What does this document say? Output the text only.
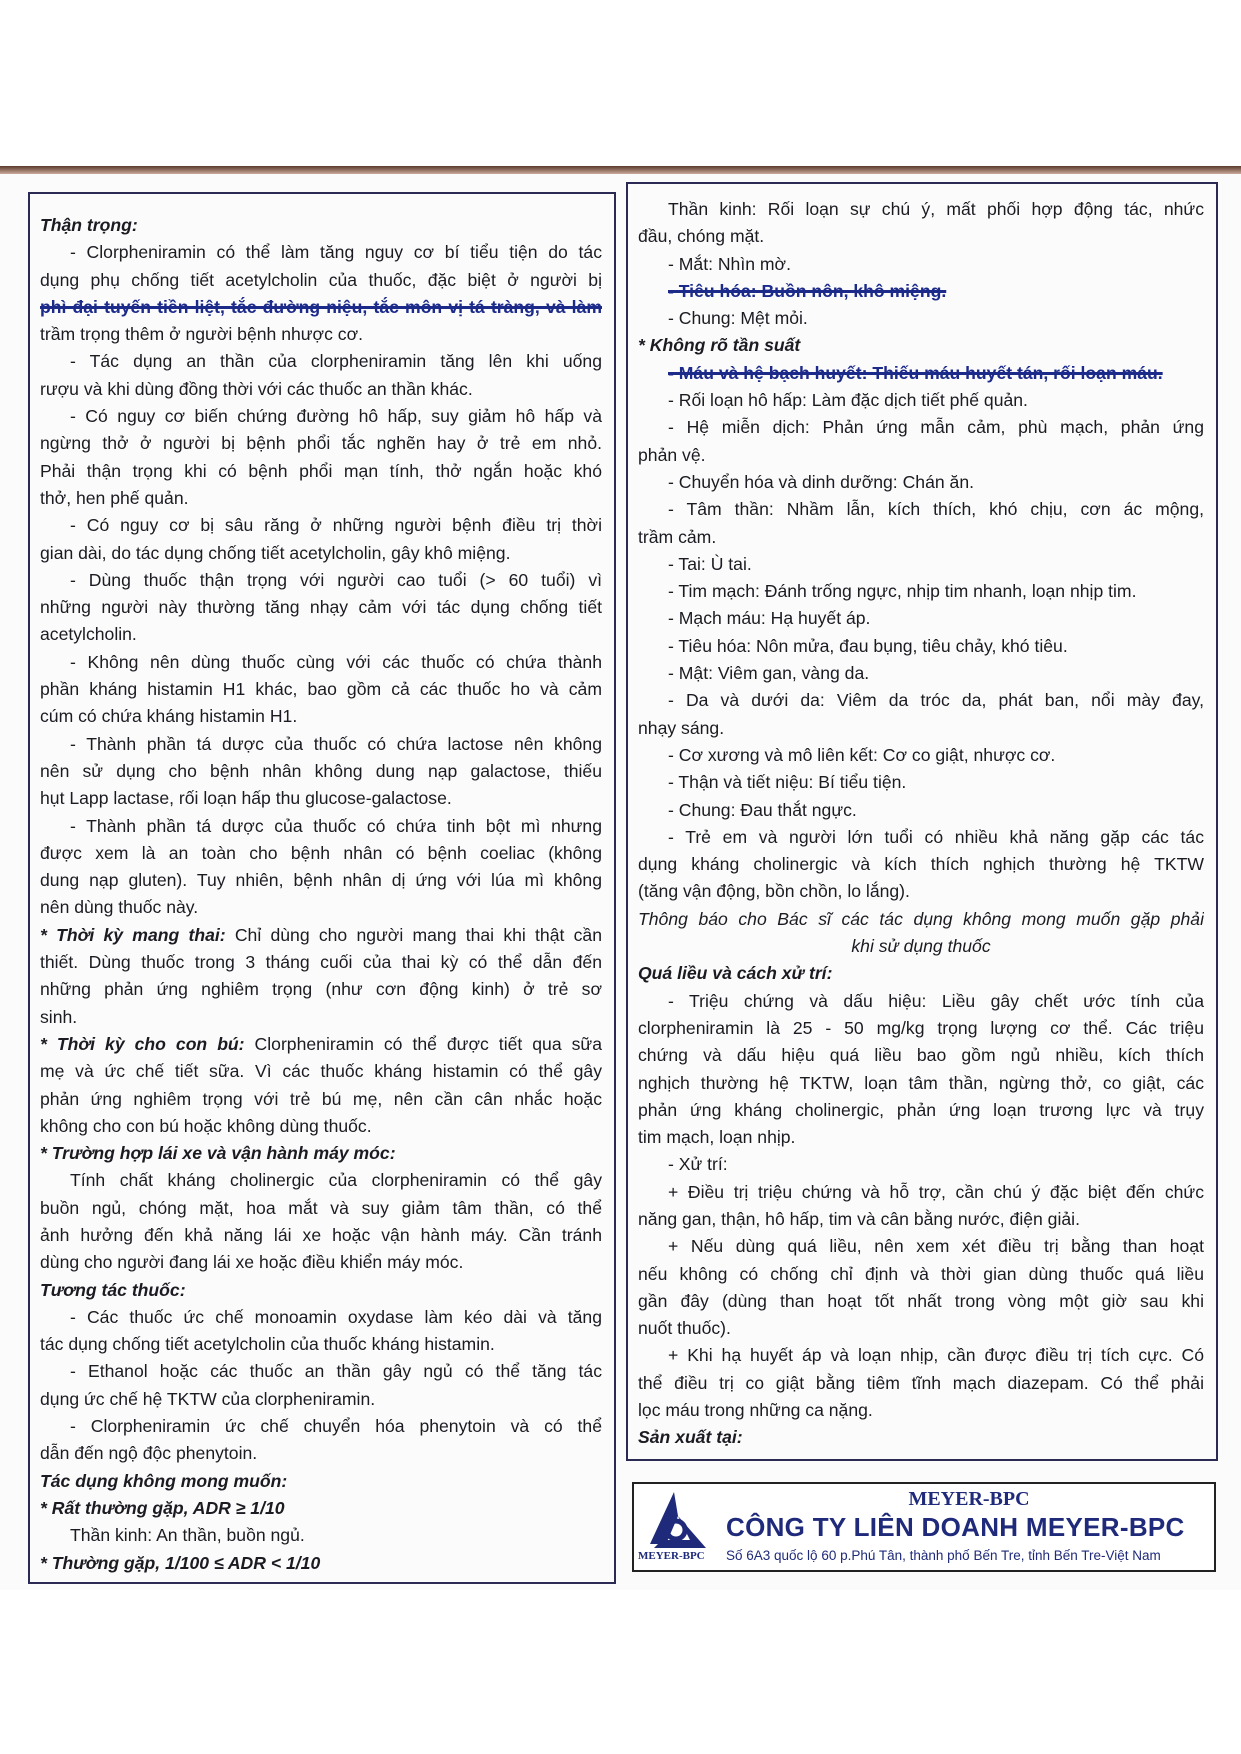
Thận trọng:
- Clorpheniramin có thể làm tăng nguy cơ bí tiểu tiện do tác
dụng phụ chống tiết acetylcholin của thuốc, đặc biệt ở người bị
phì đại tuyến tiền liệt, tắc đường niệu, tắc môn vị tá tràng, và làm
trầm trọng thêm ở người bệnh nhược cơ.
- Tác dụng an thần của clorpheniramin tăng lên khi uống
rượu và khi dùng đồng thời với các thuốc an thần khác.
- Có nguy cơ biến chứng đường hô hấp, suy giảm hô hấp và
ngừng thở ở người bị bệnh phổi tắc nghẽn hay ở trẻ em nhỏ.
Phải thận trọng khi có bệnh phổi mạn tính, thở ngắn hoặc khó
thở, hen phế quản.
- Có nguy cơ bị sâu răng ở những người bệnh điều trị thời
gian dài, do tác dụng chống tiết acetylcholin, gây khô miệng.
- Dùng thuốc thận trọng với người cao tuổi (> 60 tuổi) vì
những người này thường tăng nhạy cảm với tác dụng chống tiết
acetylcholin.
- Không nên dùng thuốc cùng với các thuốc có chứa thành
phần kháng histamin H1 khác, bao gồm cả các thuốc ho và cảm
cúm có chứa kháng histamin H1.
- Thành phần tá dược của thuốc có chứa lactose nên không
nên sử dụng cho bệnh nhân không dung nạp galactose, thiếu
hụt Lapp lactase, rối loạn hấp thu glucose-galactose.
- Thành phần tá dược của thuốc có chứa tinh bột mì nhưng
được xem là an toàn cho bệnh nhân có bệnh coeliac (không
dung nạp gluten). Tuy nhiên, bệnh nhân dị ứng với lúa mì không
nên dùng thuốc này.
* Thời kỳ mang thai: Chỉ dùng cho người mang thai khi thật cần
thiết. Dùng thuốc trong 3 tháng cuối của thai kỳ có thể dẫn đến
những phản ứng nghiêm trọng (như cơn động kinh) ở trẻ sơ
sinh.
* Thời kỳ cho con bú: Clorpheniramin có thể được tiết qua sữa
mẹ và ức chế tiết sữa. Vì các thuốc kháng histamin có thể gây
phản ứng nghiêm trọng với trẻ bú mẹ, nên cần cân nhắc hoặc
không cho con bú hoặc không dùng thuốc.
* Trường hợp lái xe và vận hành máy móc:
Tính chất kháng cholinergic của clorpheniramin có thể gây
buồn ngủ, chóng mặt, hoa mắt và suy giảm tâm thần, có thể
ảnh hưởng đến khả năng lái xe hoặc vận hành máy. Cần tránh
dùng cho người đang lái xe hoặc điều khiển máy móc.
Tương tác thuốc:
- Các thuốc ức chế monoamin oxydase làm kéo dài và tăng
tác dụng chống tiết acetylcholin của thuốc kháng histamin.
- Ethanol hoặc các thuốc an thần gây ngủ có thể tăng tác
dụng ức chế hệ TKTW của clorpheniramin.
- Clorpheniramin ức chế chuyển hóa phenytoin và có thể
dẫn đến ngộ độc phenytoin.
Tác dụng không mong muốn:
* Rất thường gặp, ADR ≥ 1/10
Thần kinh: An thần, buồn ngủ.
* Thường gặp, 1/100 ≤ ADR < 1/10
Thần kinh: Rối loạn sự chú ý, mất phối hợp động tác, nhức
đầu, chóng mặt.
- Mắt: Nhìn mờ.
- Tiêu hóa: Buồn nôn, khô miệng.
- Chung: Mệt mỏi.
* Không rõ tần suất
- Máu và hệ bạch huyết: Thiếu máu huyết tán, rối loạn máu.
- Rối loạn hô hấp: Làm đặc dịch tiết phế quản.
- Hệ miễn dịch: Phản ứng mẫn cảm, phù mạch, phản ứng
phản vệ.
- Chuyển hóa và dinh dưỡng: Chán ăn.
- Tâm thần: Nhầm lẫn, kích thích, khó chịu, cơn ác mộng,
trầm cảm.
- Tai: Ù tai.
- Tim mạch: Đánh trống ngực, nhịp tim nhanh, loạn nhịp tim.
- Mạch máu: Hạ huyết áp.
- Tiêu hóa: Nôn mửa, đau bụng, tiêu chảy, khó tiêu.
- Mật: Viêm gan, vàng da.
- Da và dưới da: Viêm da tróc da, phát ban, nổi mày đay,
nhạy sáng.
- Cơ xương và mô liên kết: Cơ co giật, nhược cơ.
- Thận và tiết niệu: Bí tiểu tiện.
- Chung: Đau thắt ngực.
- Trẻ em và người lớn tuổi có nhiều khả năng gặp các tác
dụng kháng cholinergic và kích thích nghịch thường hệ TKTW
(tăng vận động, bồn chồn, lo lắng).
Thông báo cho Bác sĩ các tác dụng không mong muốn gặp phải
khi sử dụng thuốc
Quá liều và cách xử trí:
- Triệu chứng và dấu hiệu: Liều gây chết ước tính của
clorpheniramin là 25 - 50 mg/kg trọng lượng cơ thể. Các triệu
chứng và dấu hiệu quá liều bao gồm ngủ nhiều, kích thích
nghịch thường hệ TKTW, loạn tâm thần, ngừng thở, co giật, các
phản ứng kháng cholinergic, phản ứng loạn trương lực và trụy
tim mạch, loạn nhịp.
- Xử trí:
+ Điều trị triệu chứng và hỗ trợ, cần chú ý đặc biệt đến chức
năng gan, thận, hô hấp, tim và cân bằng nước, điện giải.
+ Nếu dùng quá liều, nên xem xét điều trị bằng than hoạt
nếu không có chống chỉ định và thời gian dùng thuốc quá liều
gần đây (dùng than hoạt tốt nhất trong vòng một giờ sau khi
nuốt thuốc).
+ Khi hạ huyết áp và loạn nhịp, cần được điều trị tích cực. Có
thể điều trị co giật bằng tiêm tĩnh mạch diazepam. Có thể phải
lọc máu trong những ca nặng.
Sản xuất tại:
MEYER-BPC
MEYER-BPC
CÔNG TY LIÊN DOANH MEYER-BPC
Số 6A3 quốc lộ 60 p.Phú Tân, thành phố Bến Tre, tỉnh Bến Tre-Việt Nam
